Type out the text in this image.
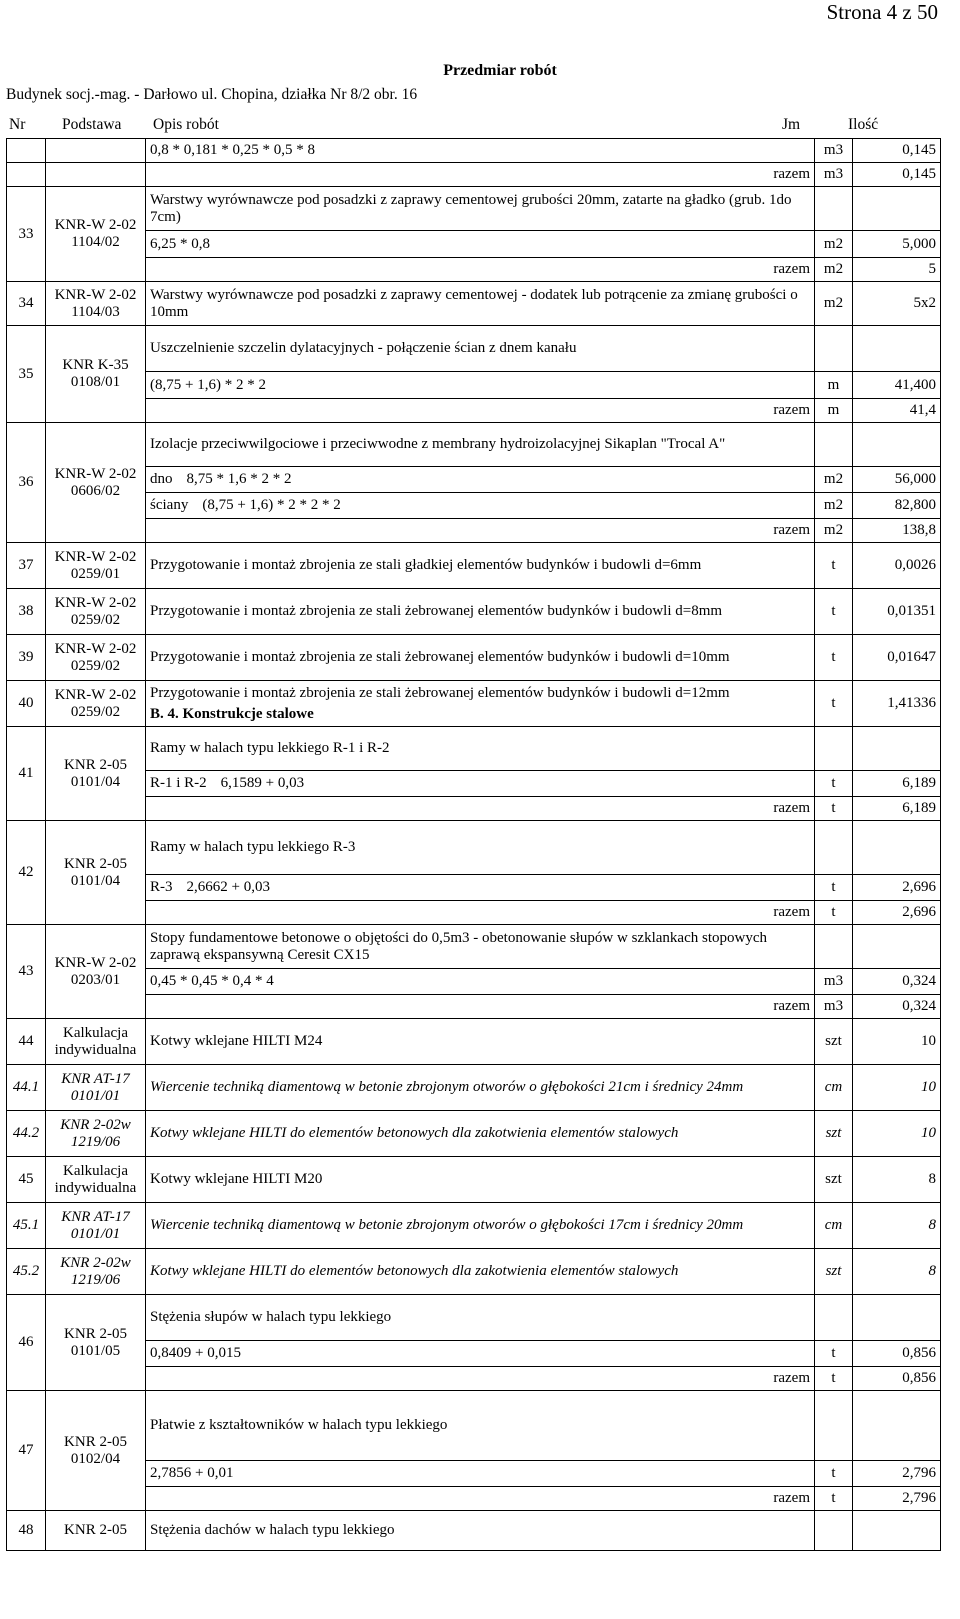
Strona 4 z 50
Przedmiar robót
Budynek socj.-mag. - Darłowo ul. Chopina, działka Nr 8/2 obr. 16
Nr Podstawa Opis robót	Jm	Ilość
		0,8 * 0,181 * 0,25 * 0,5 * 8	m3	0,145
		razem	m3	0,145
33	KNR-W 2-02 1104/02	Warstwy wyrównawcze pod posadzki z zaprawy cementowej grubości 20mm, zatarte na gładko (grub. 1do 7cm)		
		6,25 * 0,8	m2	5,000
		razem	m2	5
34	KNR-W 2-02 1104/03	Warstwy wyrównawcze pod posadzki z zaprawy cementowej - dodatek lub potrącenie za zmianę grubości o 10mm	m2	5x2
35	KNR K-35 0108/01	Uszczelnienie szczelin dylatacyjnych - połączenie ścian z dnem kanału		
		(8,75 + 1,6) * 2 * 2	m	41,400
		razem	m	41,4
36	KNR-W 2-02 0606/02	Izolacje przeciwwilgociowe i przeciwwodne z membrany hydroizolacyjnej Sikaplan "Trocal A"		
		dno 8,75 * 1,6 * 2 * 2	m2	56,000
		ściany (8,75 + 1,6) * 2 * 2 * 2	m2	82,800
		razem	m2	138,8
37	KNR-W 2-02 0259/01	Przygotowanie i montaż zbrojenia ze stali gładkiej elementów budynków i budowli d=6mm	t	0,0026
38	KNR-W 2-02 0259/02	Przygotowanie i montaż zbrojenia ze stali żebrowanej elementów budynków i budowli d=8mm	t	0,01351
39	KNR-W 2-02 0259/02	Przygotowanie i montaż zbrojenia ze stali żebrowanej elementów budynków i budowli d=10mm	t	0,01647
40	KNR-W 2-02 0259/02	Przygotowanie i montaż zbrojenia ze stali żebrowanej elementów budynków i budowli d=12mm
B. 4. Konstrukcje stalowe	t	1,41336
41	KNR 2-05 0101/04	Ramy w halach typu lekkiego R-1 i R-2		
		R-1 i R-2 6,1589 + 0,03	t	6,189
		razem	t	6,189
42	KNR 2-05 0101/04	Ramy w halach typu lekkiego R-3		
		R-3 2,6662 + 0,03	t	2,696
		razem	t	2,696
43	KNR-W 2-02 0203/01	Stopy fundamentowe betonowe o objętości do 0,5m3 - obetonowanie słupów w szklankach stopowych zaprawą ekspansywną Ceresit CX15		
		0,45 * 0,45 * 0,4 * 4	m3	0,324
		razem	m3	0,324
44	Kalkulacja indywidualna	Kotwy wklejane HILTI M24	szt	10
44.1	KNR AT-17 0101/01	Wiercenie techniką diamentową w betonie zbrojonym otworów o głębokości 21cm i średnicy 24mm	cm	10
44.2	KNR 2-02w 1219/06	Kotwy wklejane HILTI do elementów betonowych dla zakotwienia elementów stalowych	szt	10
45	Kalkulacja indywidualna	Kotwy wklejane HILTI M20	szt	8
45.1	KNR AT-17 0101/01	Wiercenie techniką diamentową w betonie zbrojonym otworów o głębokości 17cm i średnicy 20mm	cm	8
45.2	KNR 2-02w 1219/06	Kotwy wklejane HILTI do elementów betonowych dla zakotwienia elementów stalowych	szt	8
46	KNR 2-05 0101/05	Stężenia słupów w halach typu lekkiego		
		0,8409 + 0,015	t	0,856
		razem	t	0,856
47	KNR 2-05 0102/04	Płatwie z kształtowników w halach typu lekkiego		
		2,7856 + 0,01	t	2,796
		razem	t	2,796
48	KNR 2-05	Stężenia dachów w halach typu lekkiego		
